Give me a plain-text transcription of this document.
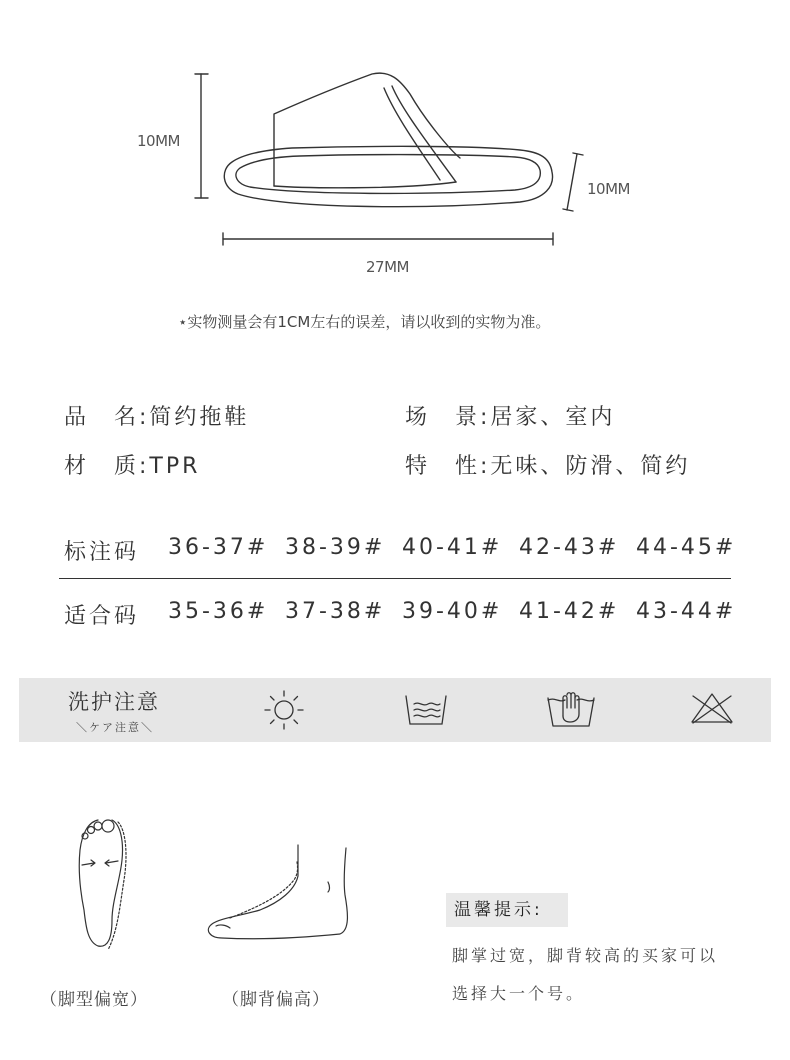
10MM
10MM
27MM
⋆实物测量会有1CM左右的误差，请以收到的实物为准。
品　名:简约拖鞋	场　景:居家、室内
材　质:TPR	特　性:无味、防滑、简约
标注码 36-37# 38-39# 40-41# 42-43# 44-45#
适合码 35-36# 37-38# 39-40# 41-42# 43-44#
洗护注意
＼ケア注意＼
（脚型偏宽）	（脚背偏高）
温馨提示:
脚掌过宽，脚背较高的买家可以
选择大一个号。
